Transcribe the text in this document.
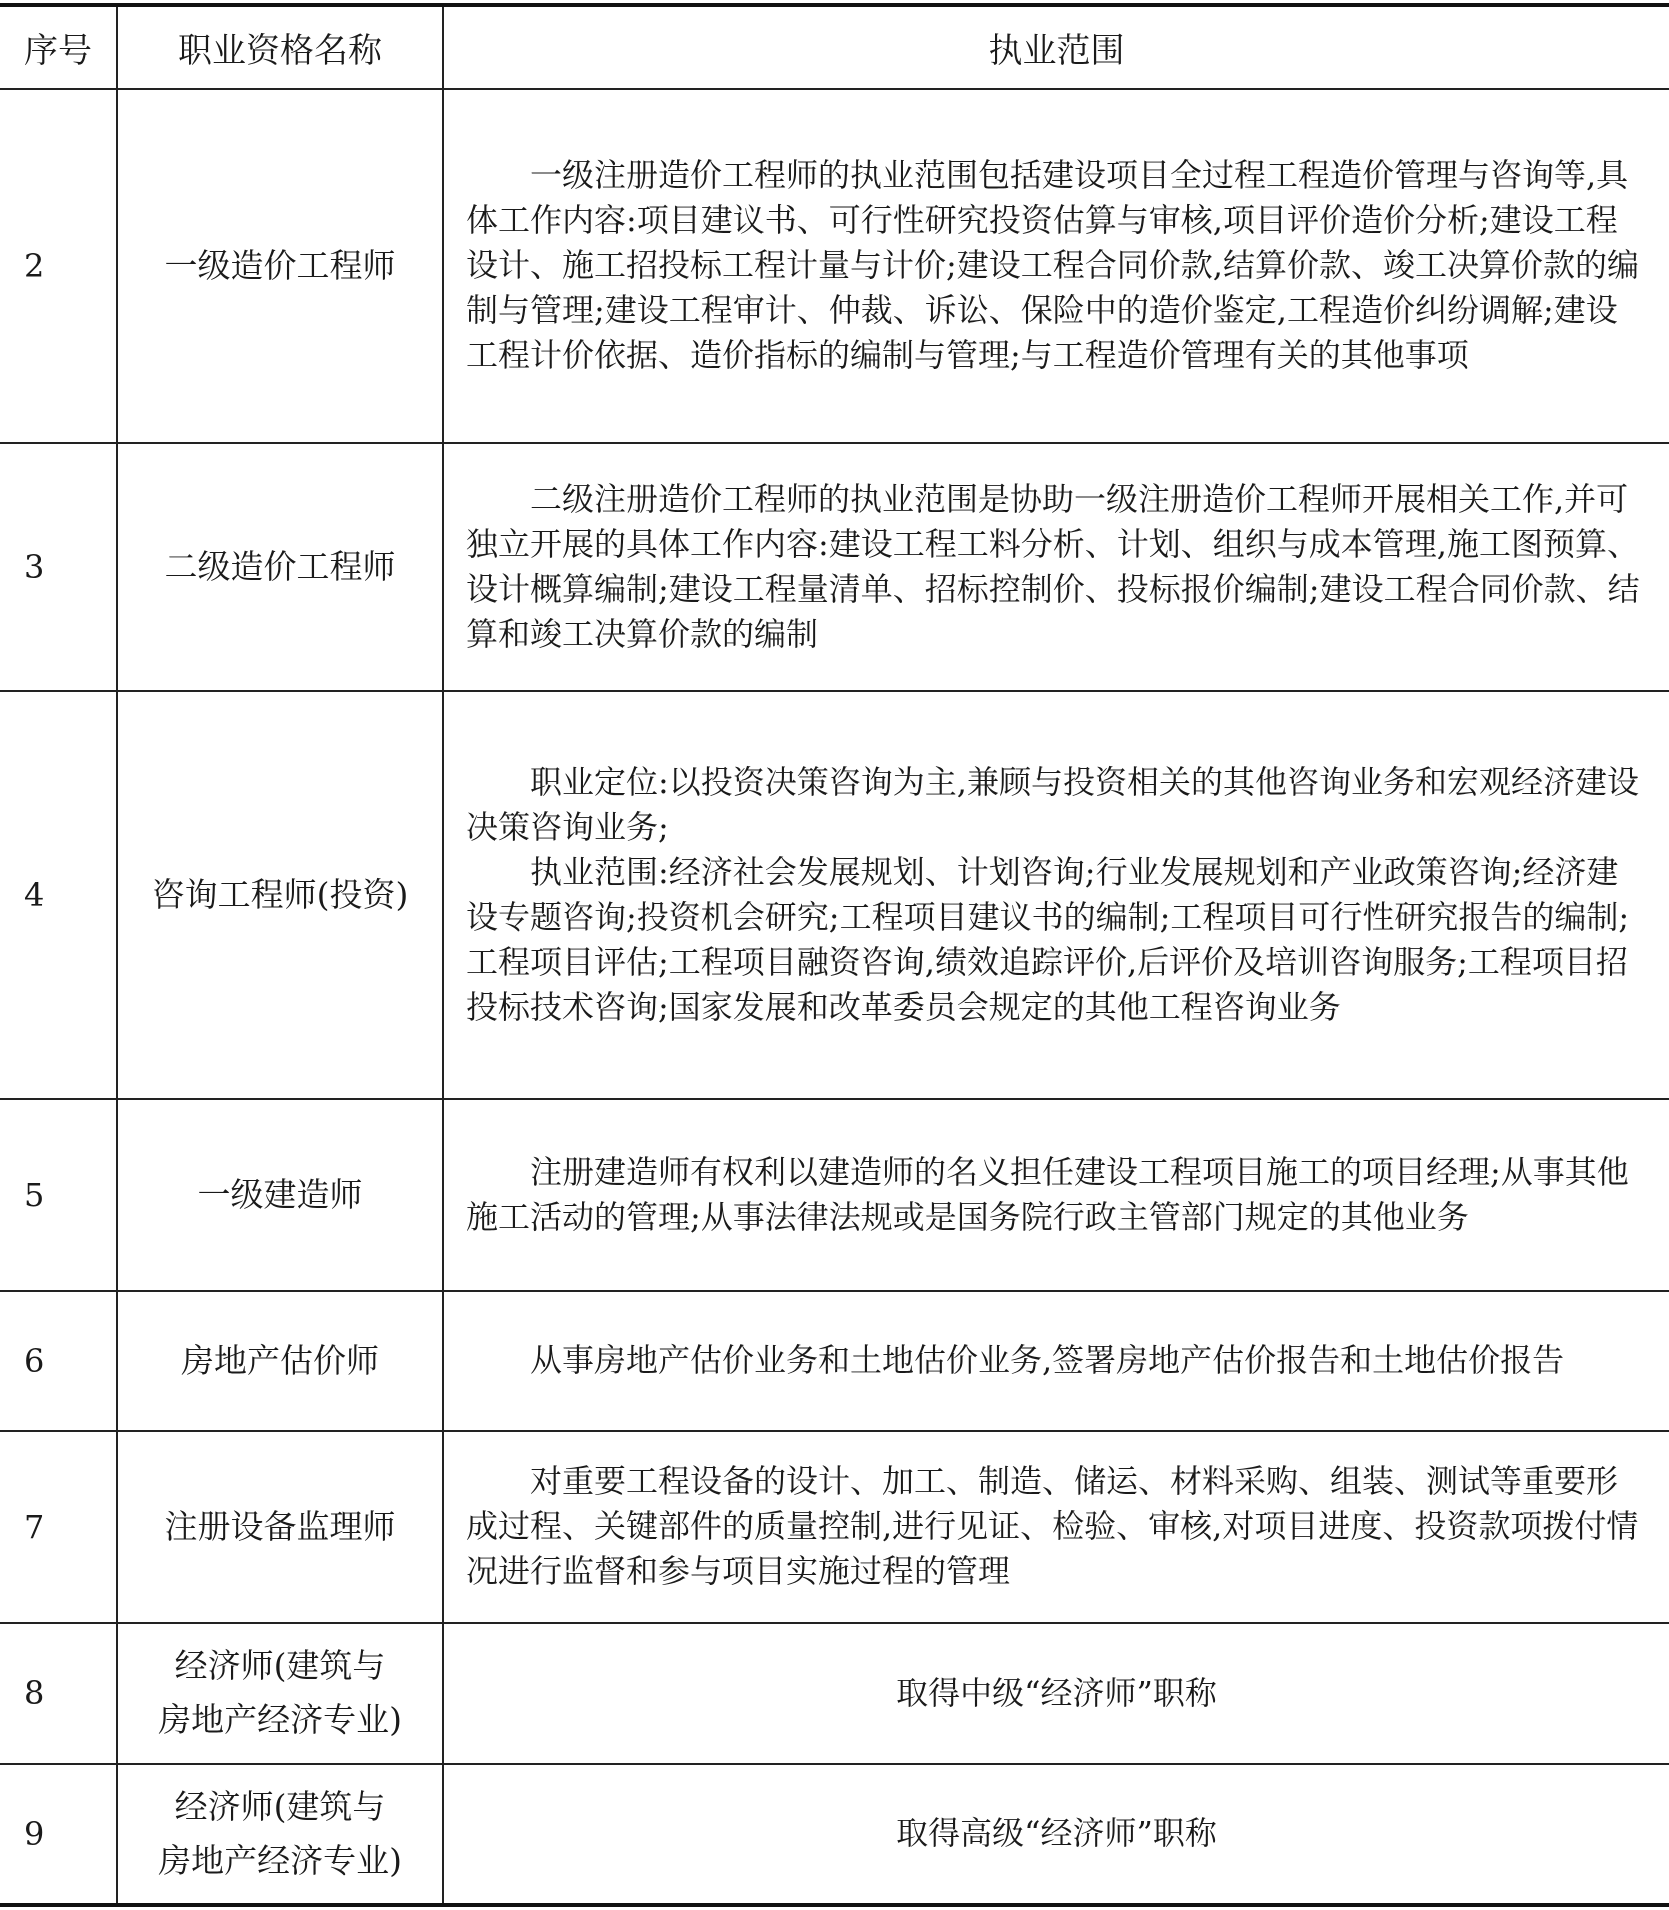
序号	职业资格名称	执业范围
2	一级造价工程师	一级注册造价工程师的执业范围包括建设项目全过程工程造价管理与咨询等,具体工作内容:项目建议书、可行性研究投资估算与审核,项目评价造价分析;建设工程设计、施工招投标工程计量与计价;建设工程合同价款,结算价款、竣工决算价款的编制与管理;建设工程审计、仲裁、诉讼、保险中的造价鉴定,工程造价纠纷调解;建设工程计价依据、造价指标的编制与管理;与工程造价管理有关的其他事项

3	二级造价工程师	二级注册造价工程师的执业范围是协助一级注册造价工程师开展相关工作,并可独立开展的具体工作内容:建设工程工料分析、计划、组织与成本管理,施工图预算、设计概算编制;建设工程量清单、招标控制价、投标报价编制;建设工程合同价款、结算和竣工决算价款的编制

4	咨询工程师(投资)	职业定位:以投资决策咨询为主,兼顾与投资相关的其他咨询业务和宏观经济建设决策咨询业务;

执业范围:经济社会发展规划、计划咨询;行业发展规划和产业政策咨询;经济建设专题咨询;投资机会研究;工程项目建议书的编制;工程项目可行性研究报告的编制;工程项目评估;工程项目融资咨询,绩效追踪评价,后评价及培训咨询服务;工程项目招投标技术咨询;国家发展和改革委员会规定的其他工程咨询业务

5	一级建造师	注册建造师有权利以建造师的名义担任建设工程项目施工的项目经理;从事其他施工活动的管理;从事法律法规或是国务院行政主管部门规定的其他业务

6	房地产估价师	从事房地产估价业务和土地估价业务,签署房地产估价报告和土地估价报告

7	注册设备监理师	对重要工程设备的设计、加工、制造、储运、材料采购、组装、测试等重要形成过程、关键部件的质量控制,进行见证、检验、审核,对项目进度、投资款项拨付情况进行监督和参与项目实施过程的管理

8	经济师(建筑与
房地产经济专业)	取得中级“经济师”职称
9	经济师(建筑与
房地产经济专业)	取得高级“经济师”职称
